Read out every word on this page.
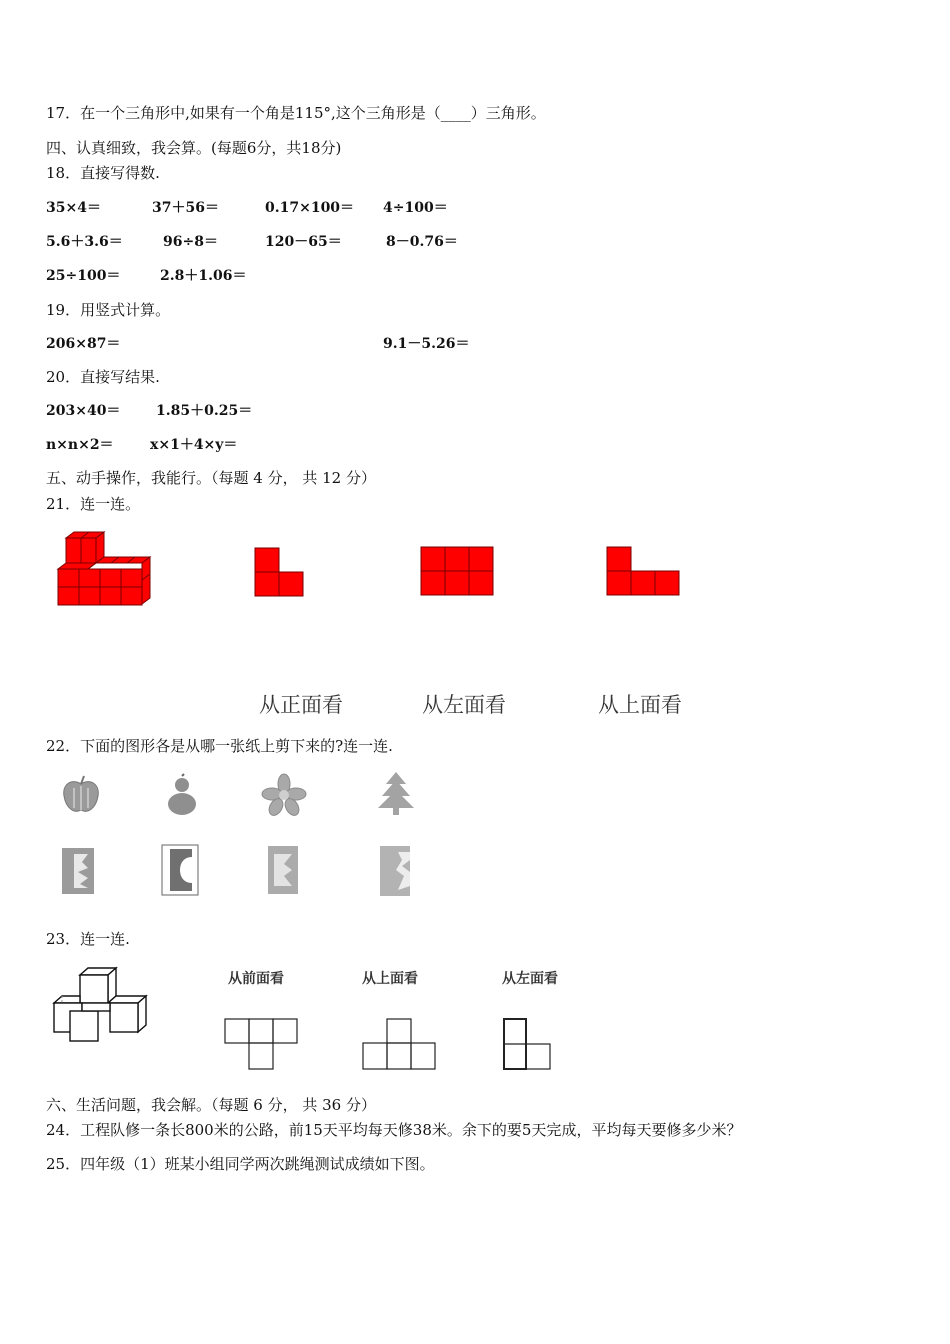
17．在一个三角形中,如果有一个角是115°,这个三角形是（____）三角形。
四、认真细致，我会算。(每题6分，共18分)
18．直接写得数.
35×4＝	37＋56＝	0.17×100＝ 4÷100＝
5.6＋3.6＝	96÷8＝	120－65＝	8－0.76＝
25÷100＝	2.8＋1.06＝
19．用竖式计算。
206×87＝	9.1－5.26＝
20．直接写结果.
203×40＝	1.85＋0.25＝
n×n×2＝	x×1＋4×y＝
五、动手操作，我能行。（每题 4 分， 共 12 分）
21．连一连。
从正面看	从左面看	从上面看
22．下面的图形各是从哪一张纸上剪下来的?连一连.
23．连一连.
从前面看	从上面看	从左面看
六、生活问题，我会解。（每题 6 分， 共 36 分）
24．工程队修一条长800米的公路，前15天平均每天修38米。余下的要5天完成，平均每天要修多少米？
25．四年级（1）班某小组同学两次跳绳测试成绩如下图。
